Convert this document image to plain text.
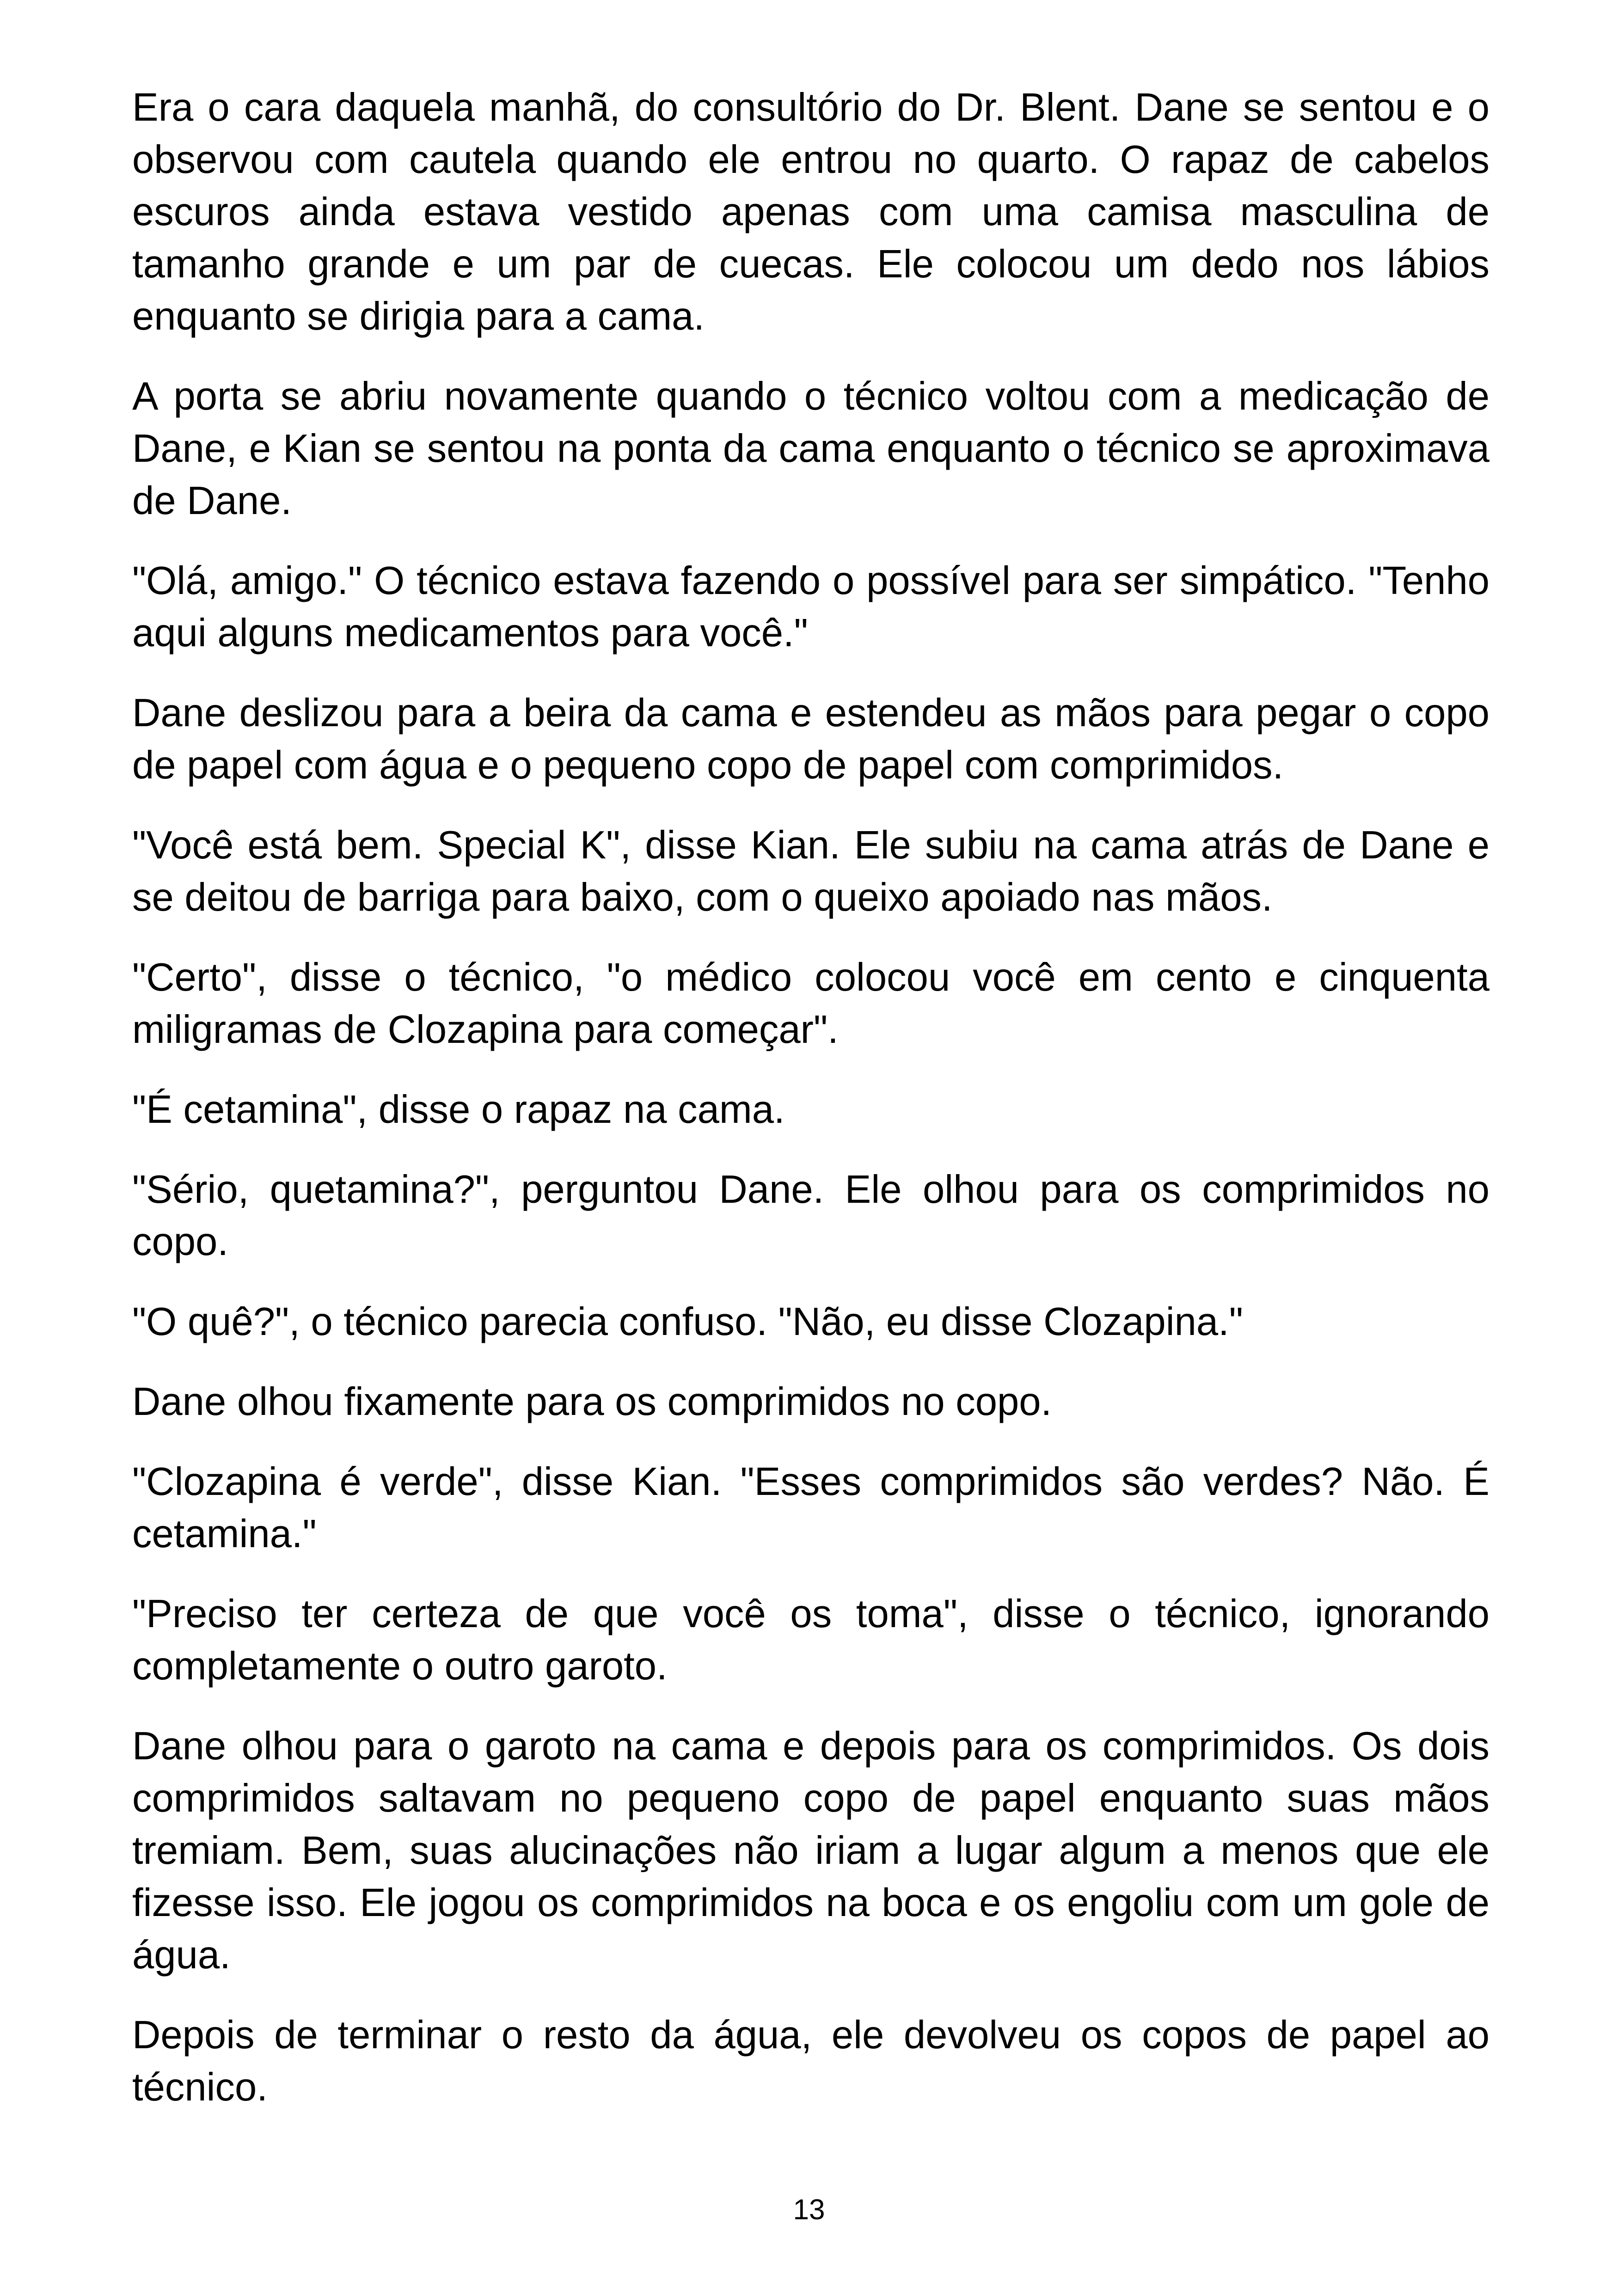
Era o cara daquela manhã, do consultório do Dr. Blent. Dane se sentou e o observou com cautela quando ele entrou no quarto. O rapaz de cabelos escuros ainda estava vestido apenas com uma camisa masculina de tamanho grande e um par de cuecas. Ele colocou um dedo nos lábios enquanto se dirigia para a cama.

A porta se abriu novamente quando o técnico voltou com a medicação de Dane, e Kian se sentou na ponta da cama enquanto o técnico se aproximava de Dane.

"Olá, amigo." O técnico estava fazendo o possível para ser simpático. "Tenho aqui alguns medicamentos para você."

Dane deslizou para a beira da cama e estendeu as mãos para pegar o copo de papel com água e o pequeno copo de papel com comprimidos.

"Você está bem. Special K", disse Kian. Ele subiu na cama atrás de Dane e se deitou de barriga para baixo, com o queixo apoiado nas mãos.

"Certo", disse o técnico, "o médico colocou você em cento e cinquenta miligramas de Clozapina para começar".

"É cetamina", disse o rapaz na cama.

"Sério, quetamina?", perguntou Dane. Ele olhou para os comprimidos no copo.

"O quê?", o técnico parecia confuso. "Não, eu disse Clozapina."

Dane olhou fixamente para os comprimidos no copo.

"Clozapina é verde", disse Kian. "Esses comprimidos são verdes? Não. É cetamina."

"Preciso ter certeza de que você os toma", disse o técnico, ignorando completamente o outro garoto.

Dane olhou para o garoto na cama e depois para os comprimidos. Os dois comprimidos saltavam no pequeno copo de papel enquanto suas mãos tremiam. Bem, suas alucinações não iriam a lugar algum a menos que ele fizesse isso. Ele jogou os comprimidos na boca e os engoliu com um gole de água.

Depois de terminar o resto da água, ele devolveu os copos de papel ao técnico.

13
